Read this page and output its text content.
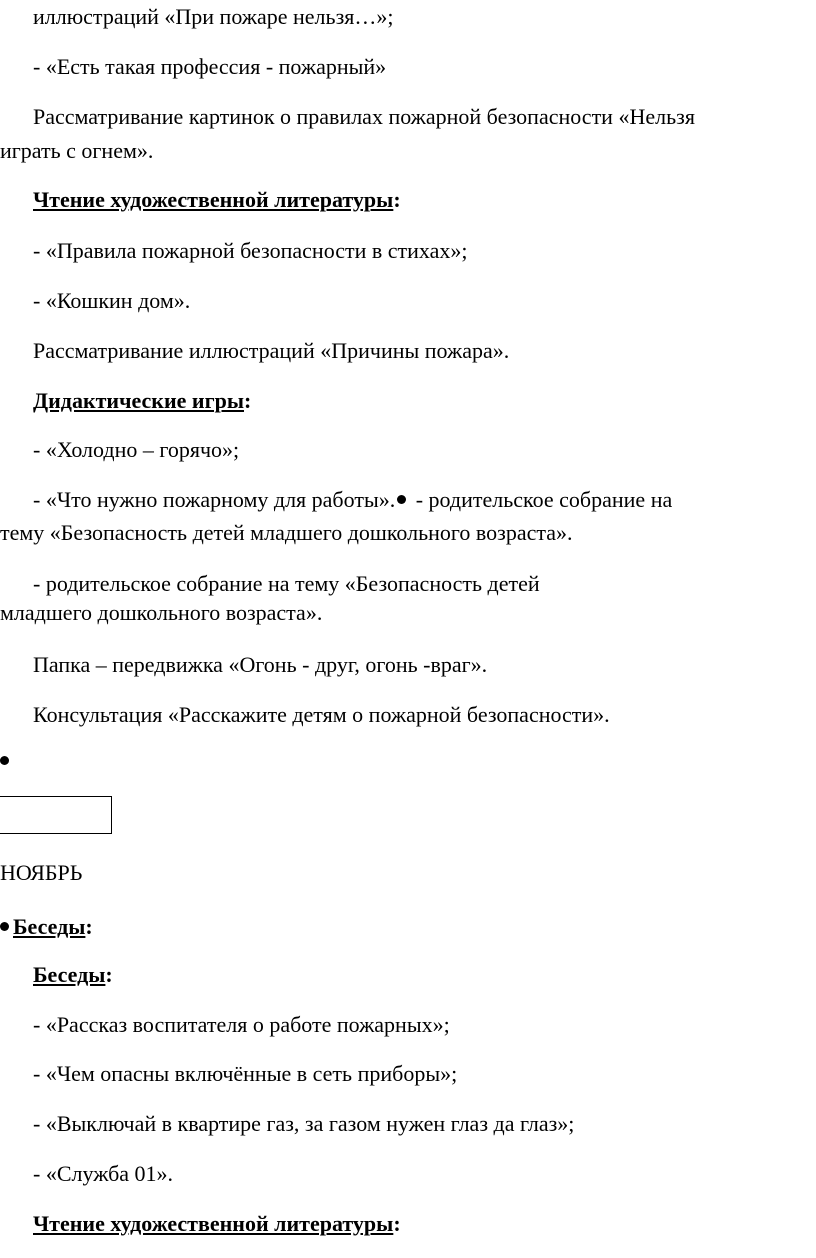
иллюстраций «При пожаре нельзя…»;
- «Есть такая профессия - пожарный»
Рассматривание картинок о правилах пожарной безопасности «Нельзя
играть с огнем».
Чтение художественной литературы:
- «Правила пожарной безопасности в стихах»;
- «Кошкин дом».
Рассматривание иллюстраций «Причины пожара».
Дидактические игры:
- «Холодно – горячо»;
- «Что нужно пожарному для работы». - родительское собрание на
тему «Безопасность детей младшего дошкольного возраста».
- родительское собрание на тему «Безопасность детей
младшего дошкольного возраста».
Папка – передвижка «Огонь - друг, огонь -враг».
Консультация «Расскажите детям о пожарной безопасности».
НОЯБРЬ
Беседы:
Беседы:
- «Рассказ воспитателя о работе пожарных»;
- «Чем опасны включённые в сеть приборы»;
- «Выключай в квартире газ, за газом нужен глаз да глаз»;
- «Служба 01».
Чтение художественной литературы:
